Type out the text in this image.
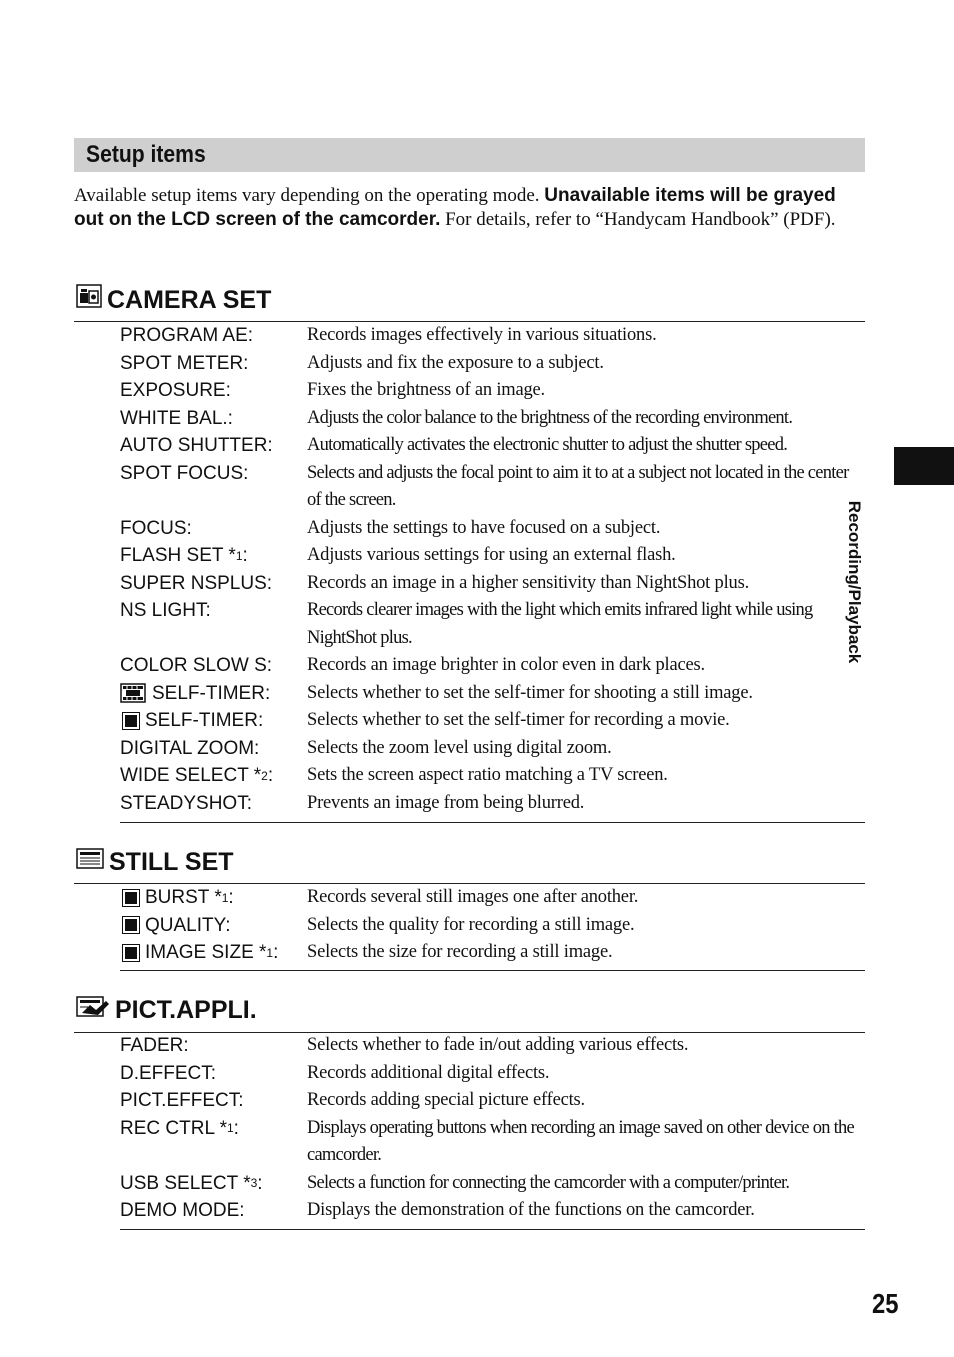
Setup items
Available setup items vary depending on the operating mode. Unavailable items will be grayed out on the LCD screen of the camcorder. For details, refer to “Handycam Handbook” (PDF).
CAMERA SET
PROGRAM AE:	Records images effectively in various situations.
SPOT METER:	Adjusts and fix the exposure to a subject.
EXPOSURE:	Fixes the brightness of an image.
WHITE BAL.:	Adjusts the color balance to the brightness of the recording environment.
AUTO SHUTTER: Automatically activates the electronic shutter to adjust the shutter speed.
SPOT FOCUS:	Selects and adjusts the focal point to aim it to at a subject not located in the center of the screen.
FOCUS:	Adjusts the settings to have focused on a subject.
FLASH SET * 1 :	Adjusts various settings for using an external flash.
SUPER NSPLUS: Records an image in a higher sensitivity than NightShot plus.
NS LIGHT:	Records clearer images with the light which emits infrared light while using NightShot plus.
COLOR SLOW S: Records an image brighter in color even in dark places.
SELF-TIMER: Selects whether to set the self-timer for shooting a still image.
SELF-TIMER: Selects whether to set the self-timer for recording a movie.
DIGITAL ZOOM:	Selects the zoom level using digital zoom.
WIDE SELECT * 2 : Sets the screen aspect ratio matching a TV screen.
STEADYSHOT:	Prevents an image from being blurred.
STILL SET
BURST * 1 :	Records several still images one after another.
QUALITY:	Selects the quality for recording a still image.
IMAGE SIZE * 1 : Selects the size for recording a still image.
PICT.APPLI.
FADER:	Selects whether to fade in/out adding various effects.
D.EFFECT:	Records additional digital effects.
PICT.EFFECT:	Records adding special picture effects.
REC CTRL * 1 :	Displays operating buttons when recording an image saved on other device on the camcorder.
USB SELECT * 3 : Selects a function for connecting the camcorder with a computer/printer.
DEMO MODE:	Displays the demonstration of the functions on the camcorder.
Recording/Playback
25
